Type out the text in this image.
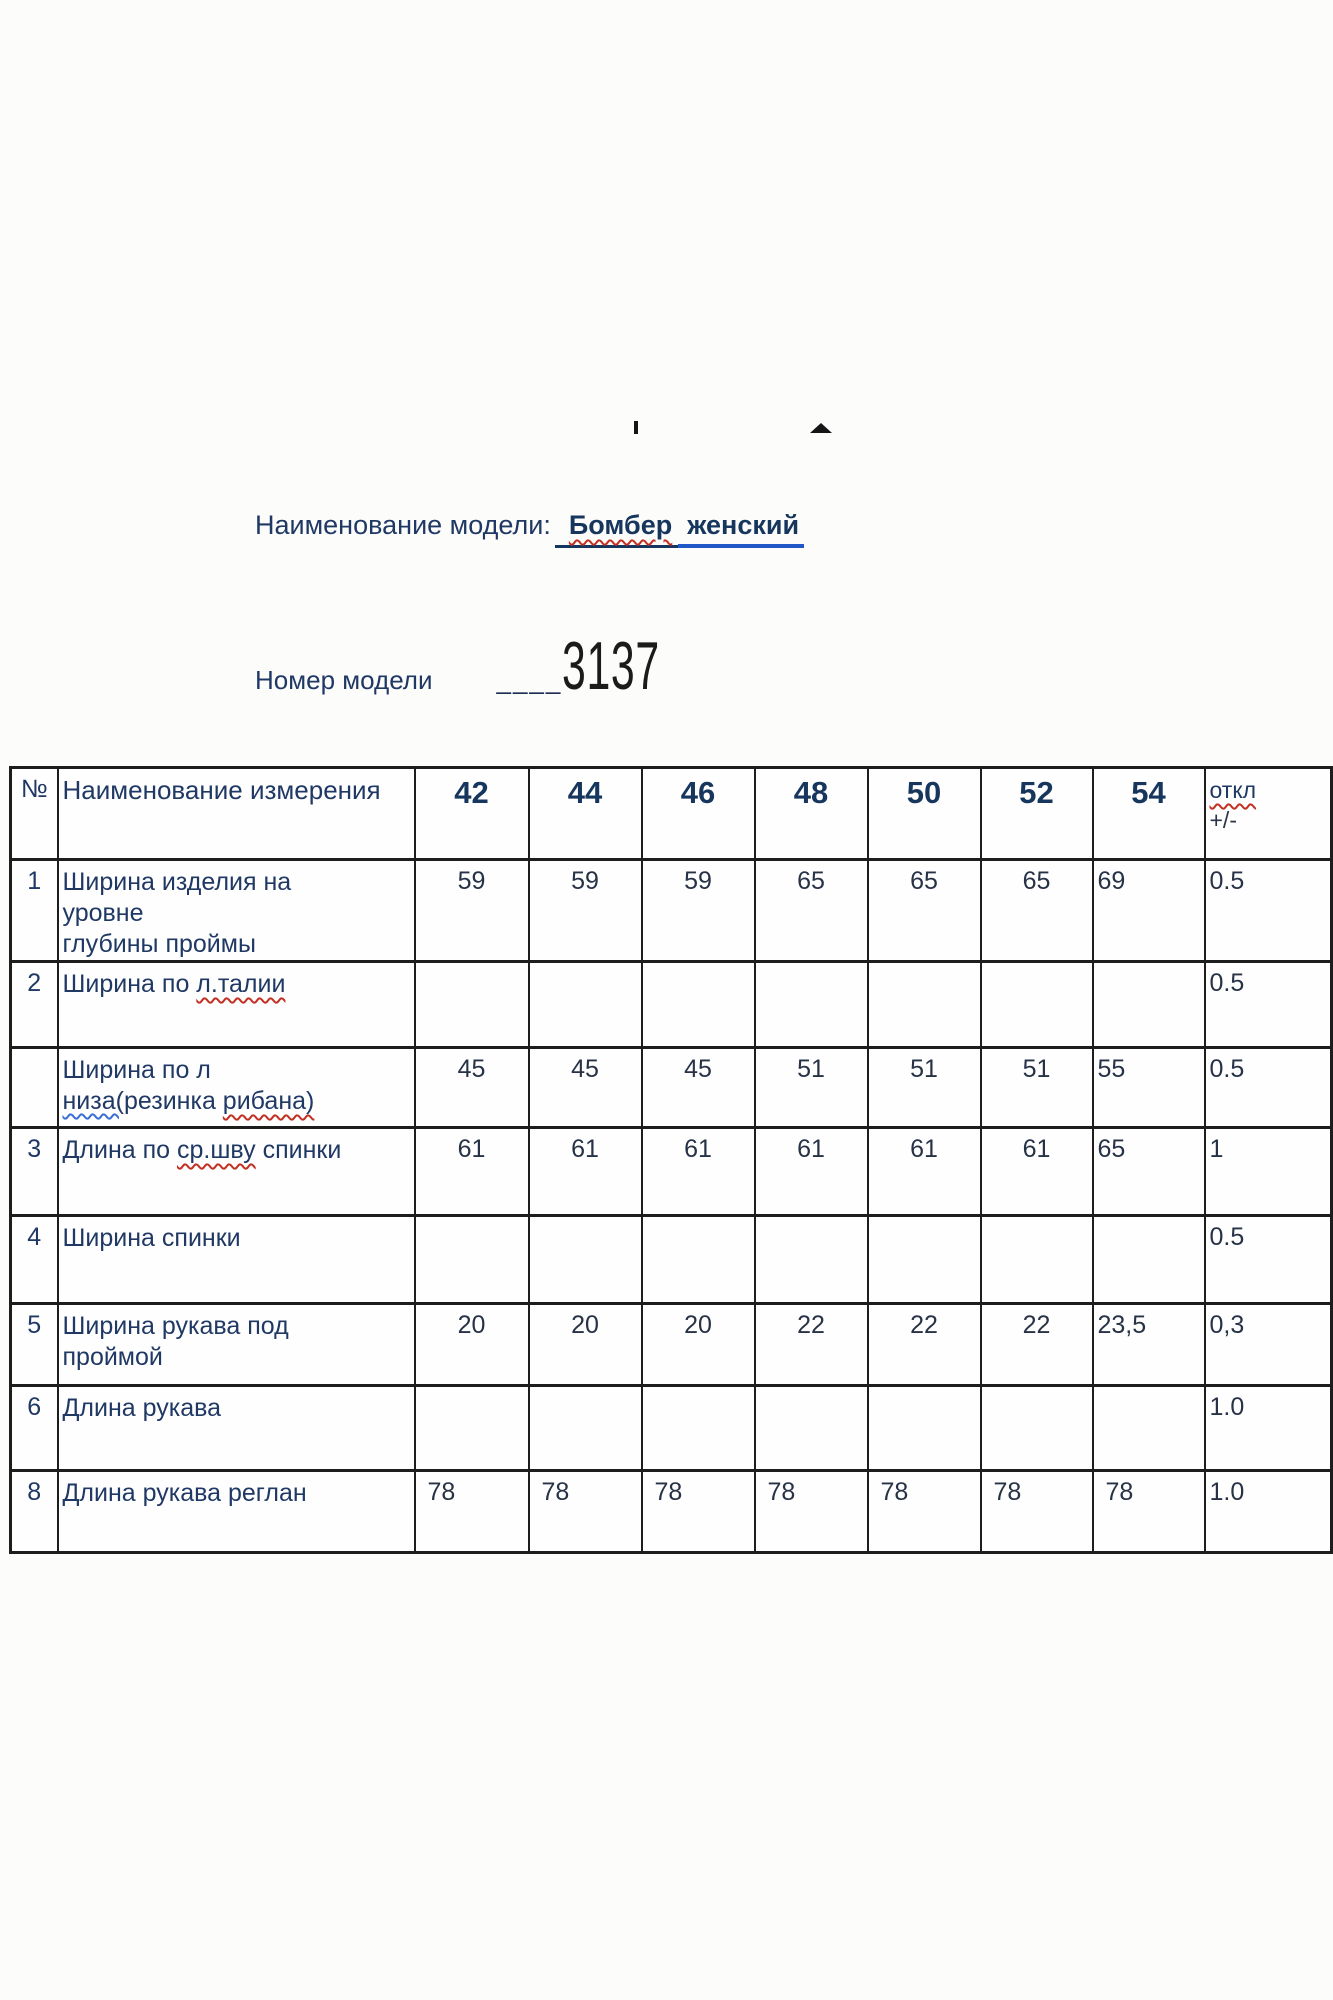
Наименование модели: Бомбер женский
Номер модели ____ 3137
№	Наименование измерения	42	44	46	48	50	52	54	откл
+/-

1	Ширина изделия на
уровне
глубины проймы	59	59	59	65	65	65	69	0.5
2	Ширина по л.талии								0.5

	Ширина по л
низа(резинка рибана)	45	45	45	51	51	51	55	0.5
3	Длина по ср.шву спинки	61	61	61	61	61	61	65	1
4	Ширина спинки								0.5
5	Ширина рукава под
проймой	20	20	20	22	22	22	23,5	0,3
6	Длина рукава								1.0
8	Длина рукава реглан	78	78	78	78	78	78	78	1.0
